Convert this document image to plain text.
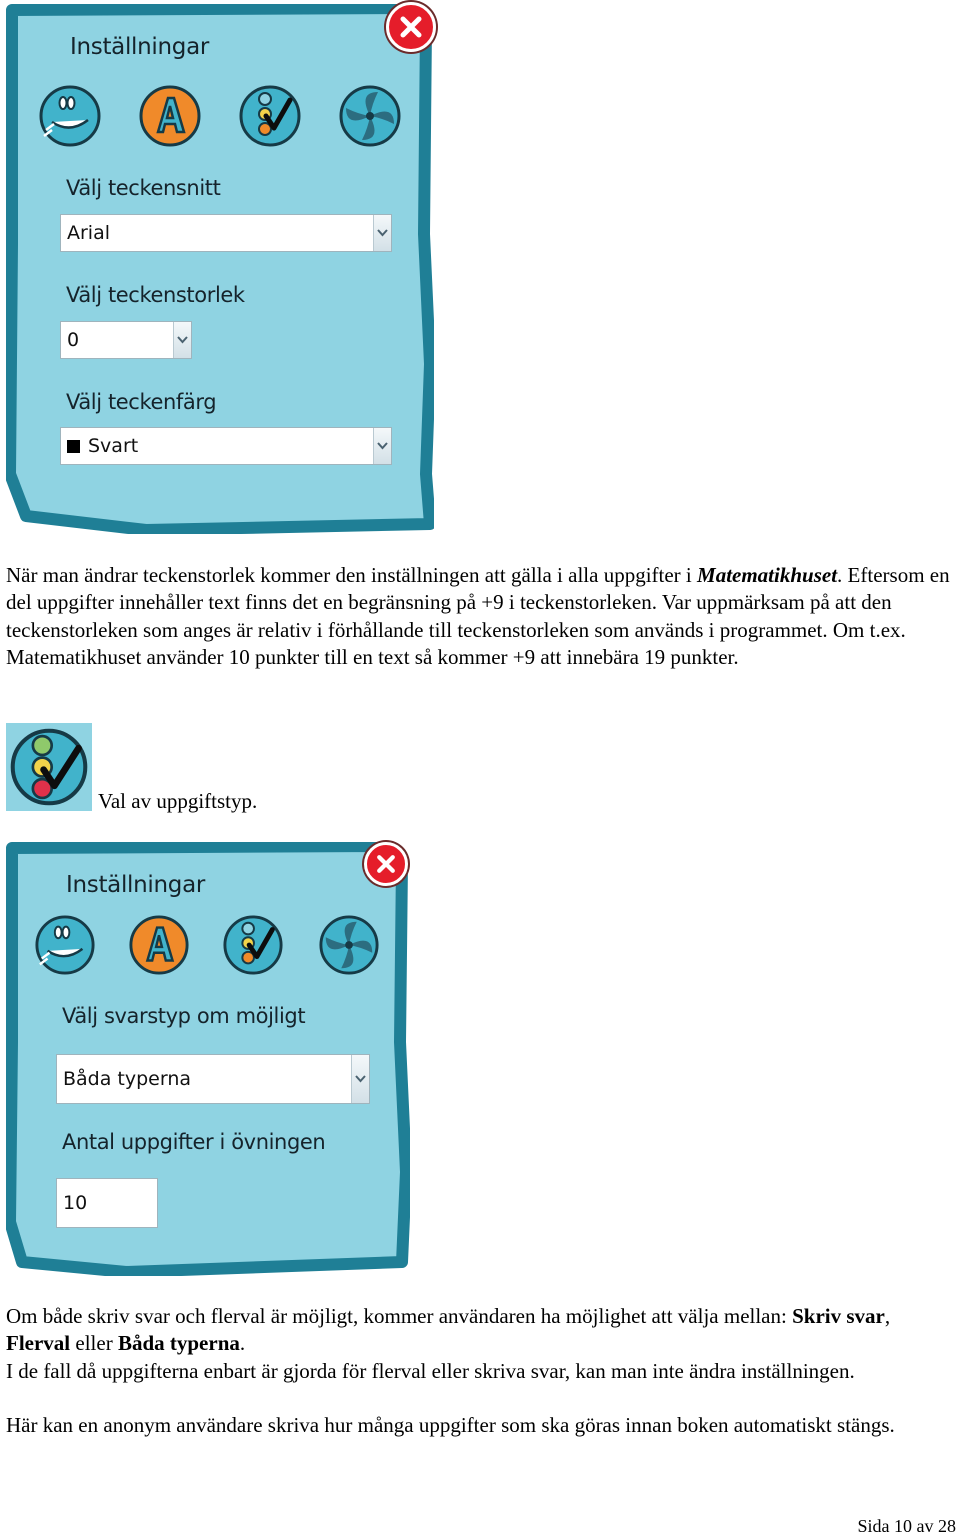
Inställningar
Välj teckensnitt
Arial
Välj teckenstorlek
0
Välj teckenfärg
Svart

När man ändrar teckenstorlek kommer den inställningen att gälla i alla uppgifter i Matematikhuset. Eftersom en del uppgifter innehåller text finns det en begränsning på +9 i teckenstorleken. Var uppmärksam på att den teckenstorleken som anges är relativ i förhållande till teckenstorleken som används i programmet. Om t.ex. Matematikhuset använder 10 punkter till en text så kommer +9 att innebära 19 punkter.

Val av uppgiftstyp.
Inställningar
Välj svarstyp om möjligt
Båda typerna
Antal uppgifter i övningen
10

Om både skriv svar och flerval är möjligt, kommer användaren ha möjlighet att välja mellan: Skriv svar, Flerval eller Båda typerna.

I de fall då uppgifterna enbart är gjorda för flerval eller skriva svar, kan man inte ändra inställningen.

Här kan en anonym användare skriva hur många uppgifter som ska göras innan boken automatiskt stängs.

Sida 10 av 28
